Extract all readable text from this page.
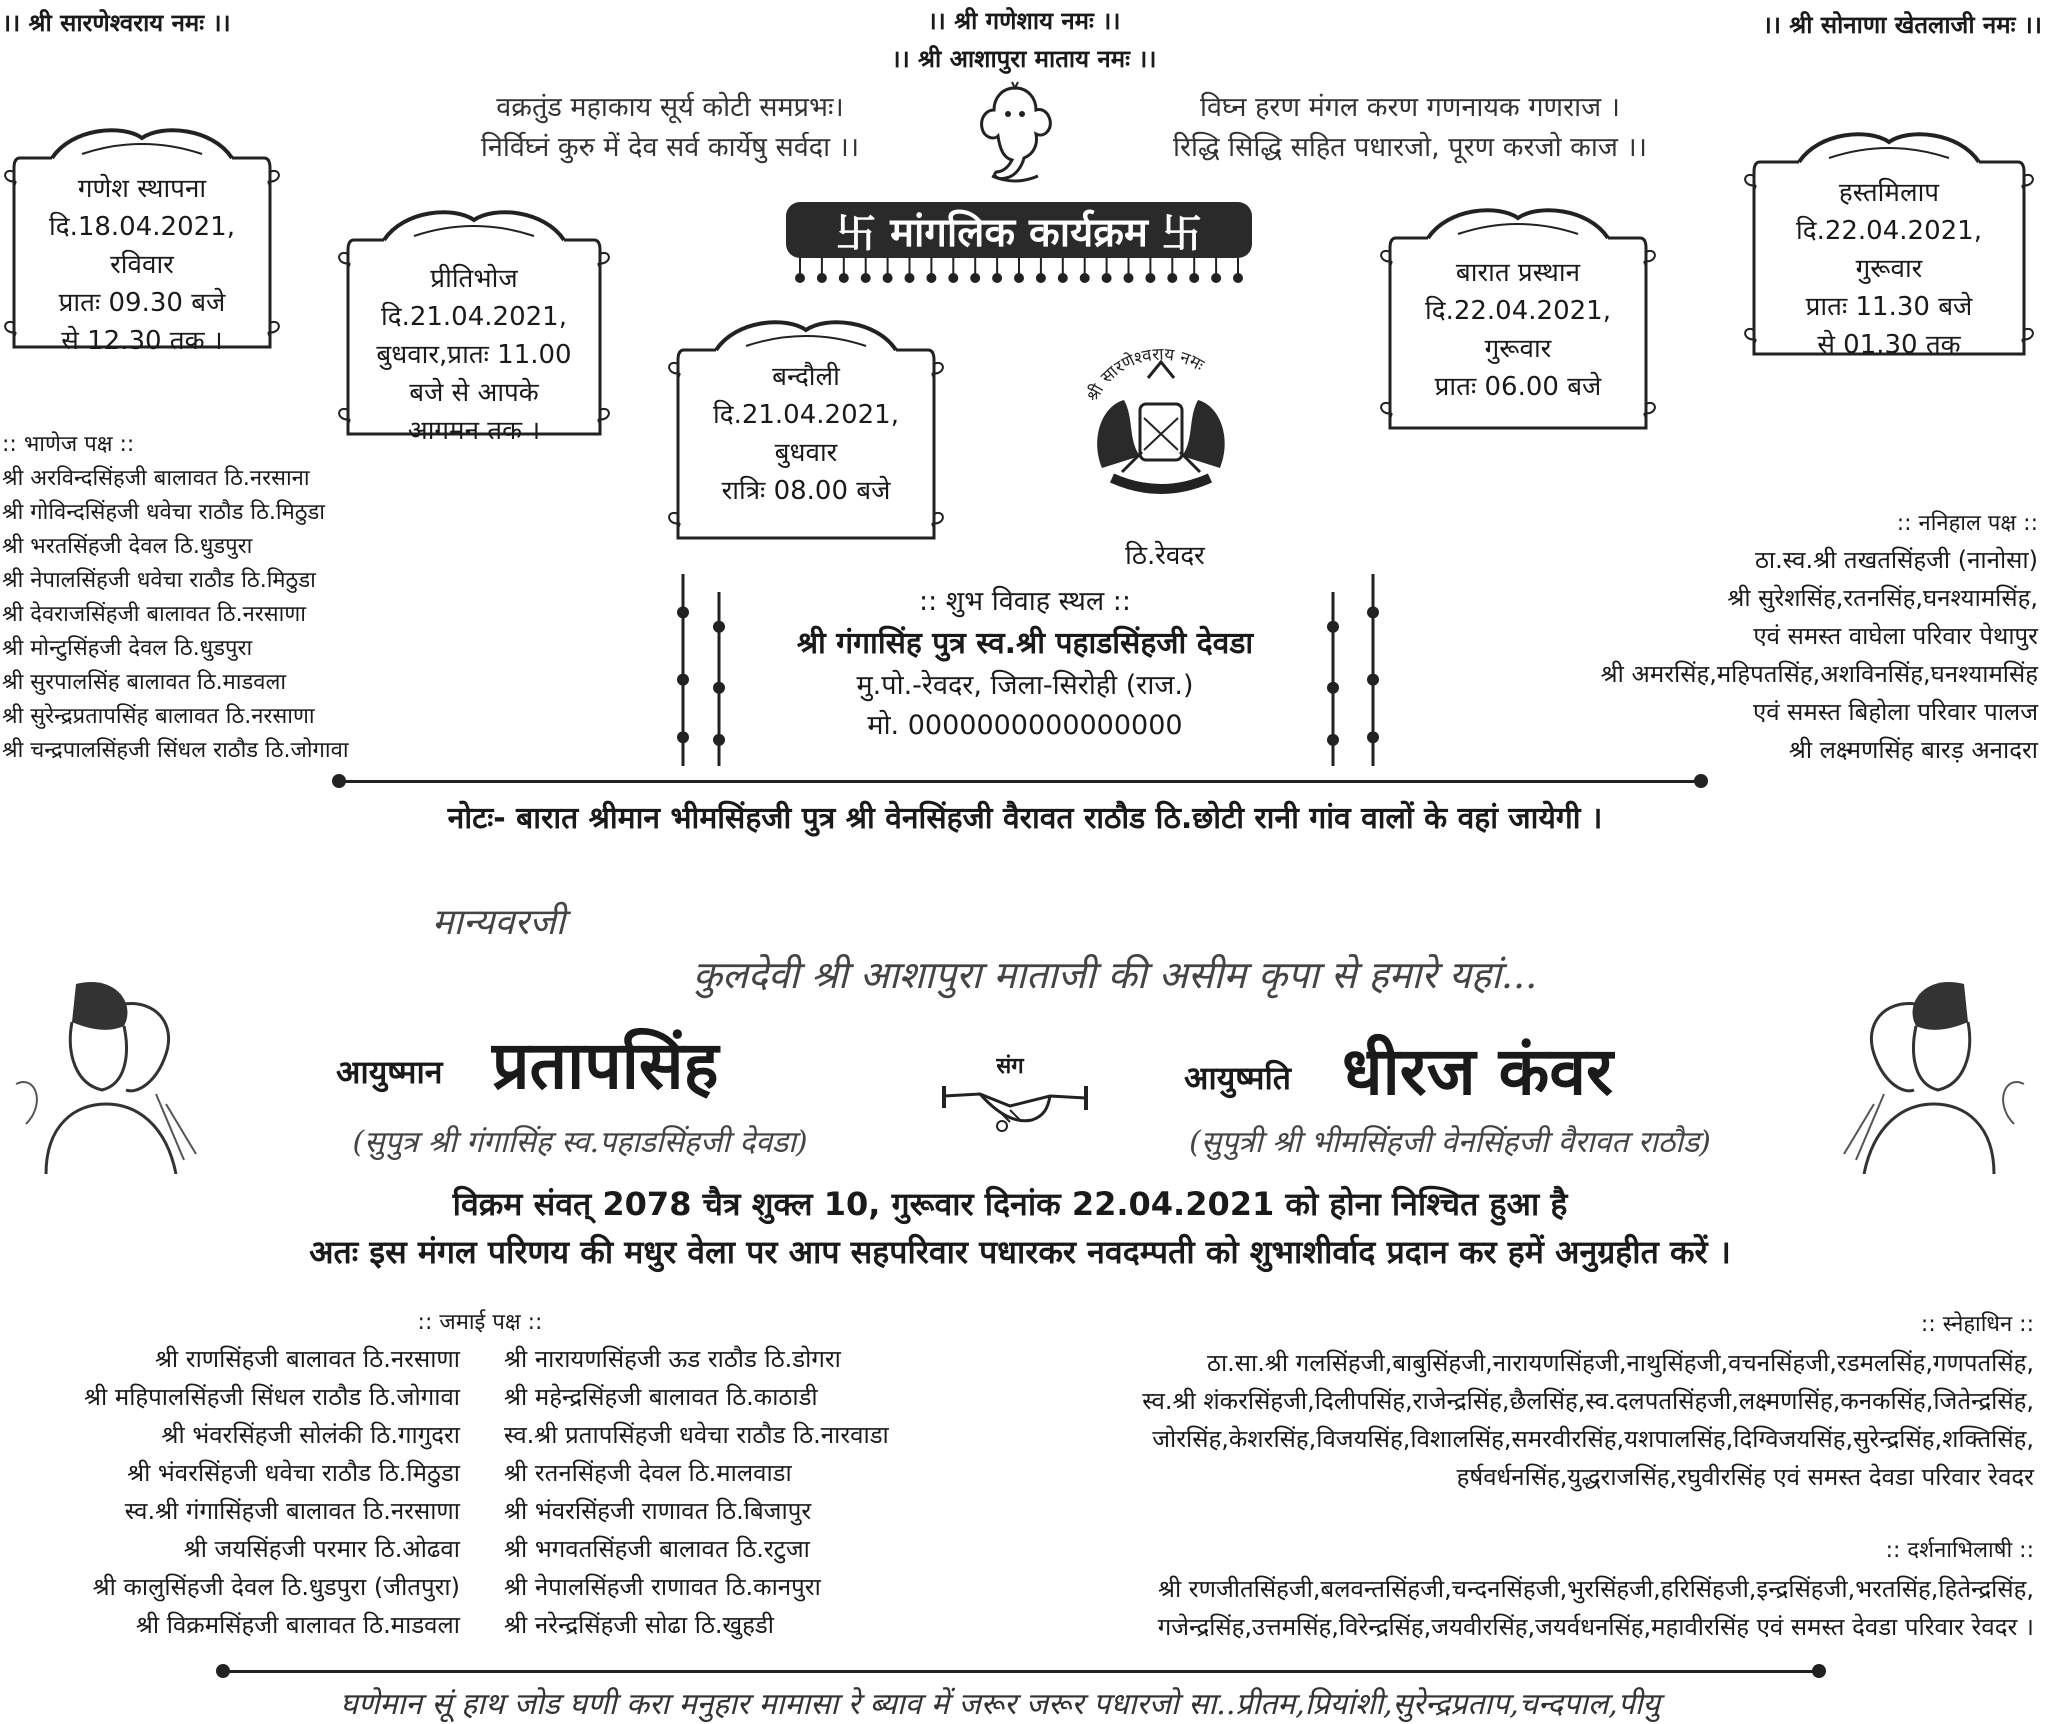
।। श्री सारणेश्वराय नमः ।।	।। श्री गणेशाय नमः ।।
।। श्री आशापुरा माताय नमः ।।
।। श्री सोनाणा खेतलाजी नमः ।।
वक्रतुंड महाकाय सूर्य कोटी समप्रभः।
निर्विघ्नं कुरु में देव सर्व कार्येषु सर्वदा ।।
विघ्न हरण मंगल करण गणनायक गणराज ।
रिद्धि सिद्धि सहित पधारजो, पूरण करजो काज ।।
卐 मांगलिक कार्यक्रम 卐
गणेश स्थापना
दि.18.04.2021,
रविवार
प्रातः 09.30 बजे
से 12.30 तक ।
प्रीतिभोज
दि.21.04.2021,
बुधवार,प्रातः 11.00
बजे से आपके
आगमन तक ।
बन्दौली
दि.21.04.2021,
बुधवार
रात्रिः 08.00 बजे
बारात प्रस्थान
दि.22.04.2021,
गुरूवार
प्रातः 06.00 बजे
हस्तमिलाप
दि.22.04.2021,
गुरूवार
प्रातः 11.30 बजे
से 01.30 तक
श्री सारणेश्वराय नमः
ठि.रेवदर
:: शुभ विवाह स्थल ::
श्री गंगासिंह पुत्र स्व.श्री पहाडसिंहजी देवडा
मु.पो.-रेवदर, जिला-सिरोही (राज.)
मो. 0000000000000000
:: भाणेज पक्ष ::
श्री अरविन्दसिंहजी बालावत ठि.नरसाना
श्री गोविन्दसिंहजी धवेचा राठौड ठि.मिठुडा
श्री भरतसिंहजी देवल ठि.धुडपुरा
श्री नेपालसिंहजी धवेचा राठौड ठि.मिठुडा
श्री देवराजसिंहजी बालावत ठि.नरसाणा
श्री मोन्टुसिंहजी देवल ठि.धुडपुरा
श्री सुरपालसिंह बालावत ठि.माडवला
श्री सुरेन्द्रप्रतापसिंह बालावत ठि.नरसाणा
श्री चन्द्रपालसिंहजी सिंधल राठौड ठि.जोगावा
:: ननिहाल पक्ष ::
ठा.स्व.श्री तखतसिंहजी (नानोसा)
श्री सुरेशसिंह,रतनसिंह,घनश्यामसिंह,
एवं समस्त वाघेला परिवार पेथापुर
श्री अमरसिंह,महिपतसिंह,अशविनसिंह,घनश्यामसिंह
एवं समस्त बिहोला परिवार पालज
श्री लक्ष्मणसिंह बारड़ अनादरा
नोटः- बारात श्रीमान भीमसिंहजी पुत्र श्री वेनसिंहजी वैरावत राठौड ठि.छोटी रानी गांव वालों के वहां जायेगी ।
मान्यवरजी
कुलदेवी श्री आशापुरा माताजी की असीम कृपा से हमारे यहां...
आयुष्मान प्रतापसिंह	संग	आयुष्मति धीरज कंवर
(सुपुत्र श्री गंगासिंह स्व.पहाडसिंहजी देवडा)	(सुपुत्री श्री भीमसिंहजी वेनसिंहजी वैरावत राठौड)
विक्रम संवत् 2078 चैत्र शुक्ल 10, गुरूवार दिनांक 22.04.2021 को होना निश्चित हुआ है
अतः इस मंगल परिणय की मधुर वेला पर आप सहपरिवार पधारकर नवदम्पती को शुभाशीर्वाद प्रदान कर हमें अनुग्रहीत करें ।
:: जमाई पक्ष ::
श्री राणसिंहजी बालावत ठि.नरसाणा
श्री महिपालसिंहजी सिंधल राठौड ठि.जोगावा
श्री भंवरसिंहजी सोलंकी ठि.गागुदरा
श्री भंवरसिंहजी धवेचा राठौड ठि.मिठुडा
स्व.श्री गंगासिंहजी बालावत ठि.नरसाणा
श्री जयसिंहजी परमार ठि.ओढवा
श्री कालुसिंहजी देवल ठि.धुडपुरा (जीतपुरा)
श्री विक्रमसिंहजी बालावत ठि.माडवला
श्री नारायणसिंहजी ऊड राठौड ठि.डोगरा
श्री महेन्द्रसिंहजी बालावत ठि.काठाडी
स्व.श्री प्रतापसिंहजी धवेचा राठौड ठि.नारवाडा
श्री रतनसिंहजी देवल ठि.मालवाडा
श्री भंवरसिंहजी राणावत ठि.बिजापुर
श्री भगवतसिंहजी बालावत ठि.रटुजा
श्री नेपालसिंहजी राणावत ठि.कानपुरा
श्री नरेन्द्रसिंहजी सोढा ठि.खुहडी
:: स्नेहाधिन ::
ठा.सा.श्री गलसिंहजी,बाबुसिंहजी,नारायणसिंहजी,नाथुसिंहजी,वचनसिंहजी,रडमलसिंह,गणपतसिंह,
स्व.श्री शंकरसिंहजी,दिलीपसिंह,राजेन्द्रसिंह,छैलसिंह,स्व.दलपतसिंहजी,लक्ष्मणसिंह,कनकसिंह,जितेन्द्रसिंह,
जोरसिंह,केशरसिंह,विजयसिंह,विशालसिंह,समरवीरसिंह,यशपालसिंह,दिग्विजयसिंह,सुरेन्द्रसिंह,शक्तिसिंह,
हर्षवर्धनसिंह,युद्धराजसिंह,रघुवीरसिंह एवं समस्त देवडा परिवार रेवदर
:: दर्शनाभिलाषी ::
श्री रणजीतसिंहजी,बलवन्तसिंहजी,चन्दनसिंहजी,भुरसिंहजी,हरिसिंहजी,इन्द्रसिंहजी,भरतसिंह,हितेन्द्रसिंह,
गजेन्द्रसिंह,उत्तमसिंह,विरेन्द्रसिंह,जयवीरसिंह,जयर्वधनसिंह,महावीरसिंह एवं समस्त देवडा परिवार रेवदर ।
घणेमान सूं हाथ जोड घणी करा मनुहार मामासा रे ब्याव में जरूर जरूर पधारजो सा..प्रीतम,प्रियांशी,सुरेन्द्रप्रताप,चन्दपाल,पीयु
